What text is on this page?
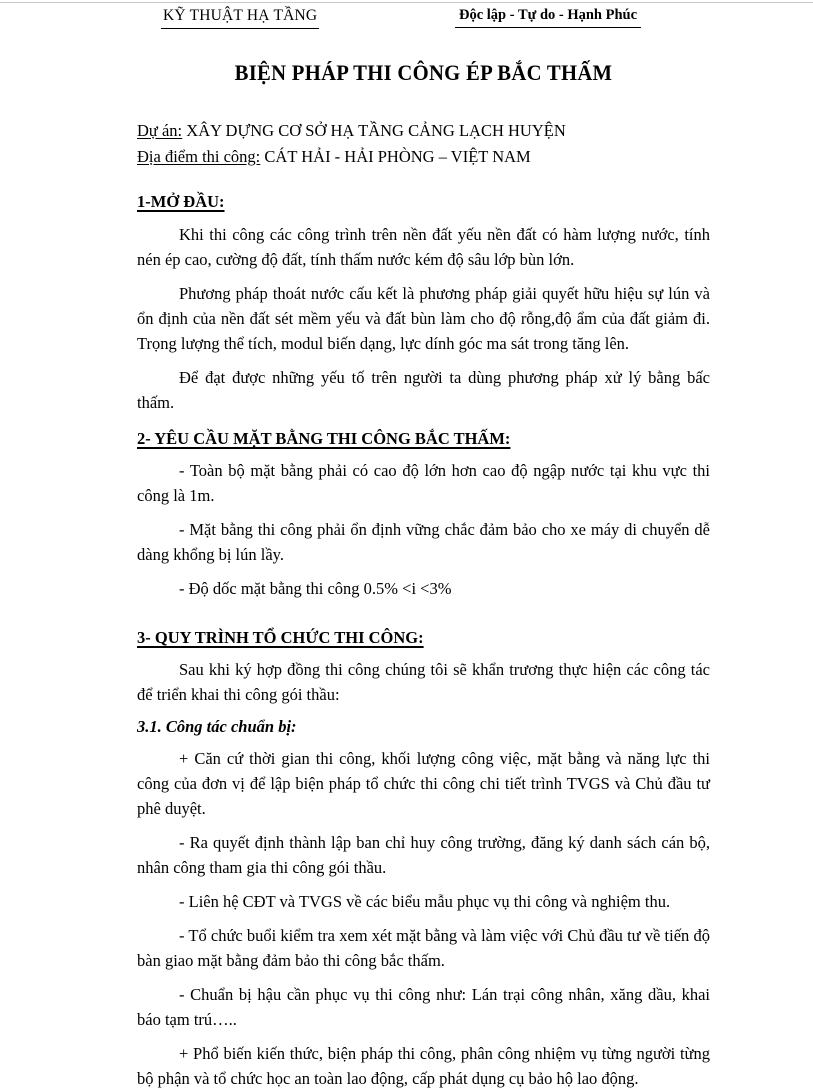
KỸ THUẬT HẠ TẦNG	Độc lập - Tự do - Hạnh Phúc
BIỆN PHÁP THI CÔNG ÉP BẮC THẤM
Dự án: XÂY DỰNG CƠ SỞ HẠ TẦNG CẢNG LẠCH HUYỆN
Địa điểm thi công: CÁT HẢI - HẢI PHÒNG – VIỆT NAM
1-MỞ ĐẦU:

Khi thi công các công trình trên nền đất yếu nền đất có hàm lượng nước, tính nén ép cao, cường độ đất, tính thấm nước kém độ sâu lớp bùn lớn.

Phương pháp thoát nước cấu kết là phương pháp giải quyết hữu hiệu sự lún và ổn định của nền đất sét mềm yếu và đất bùn làm cho độ rỗng,độ ẩm của đất giảm đi. Trọng lượng thể tích, modul biến dạng, lực dính góc ma sát trong tăng lên.

Để đạt được những yếu tố trên người ta dùng phương pháp xử lý bằng bấc thấm.

2- YÊU CẦU MẶT BẰNG THI CÔNG BẮC THẤM:

- Toàn bộ mặt bằng phải có cao độ lớn hơn cao độ ngập nước tại khu vực thi công là 1m.

- Mặt bằng thi công phải ổn định vững chắc đảm bảo cho xe máy di chuyển dễ dàng khổng bị lún lầy.

- Độ dốc mặt bằng thi công 0.5% <i <3%

3- QUY TRÌNH TỔ CHỨC THI CÔNG:

Sau khi ký hợp đồng thi công chúng tôi sẽ khẩn trương thực hiện các công tác để triển khai thi công gói thầu:

3.1. Công tác chuẩn bị:

+ Căn cứ thời gian thi công, khối lượng công việc, mặt bằng và năng lực thi công của đơn vị để lập biện pháp tổ chức thi công chi tiết trình TVGS và Chủ đầu tư phê duyệt.

- Ra quyết định thành lập ban chỉ huy công trường, đăng ký danh sách cán bộ, nhân công tham gia thi công gói thầu.

- Liên hệ CĐT và TVGS về các biểu mẫu phục vụ thi công và nghiệm thu.

- Tổ chức buổi kiểm tra xem xét mặt bằng và làm việc với Chủ đầu tư về tiến độ bàn giao mặt bằng đảm bảo thi công bắc thấm.

- Chuẩn bị hậu cần phục vụ thi công như: Lán trại công nhân, xăng dầu, khai báo tạm trú…..

+ Phổ biến kiến thức, biện pháp thi công, phân công nhiệm vụ từng người từng bộ phận và tổ chức học an toàn lao động, cấp phát dụng cụ bảo hộ lao động.
